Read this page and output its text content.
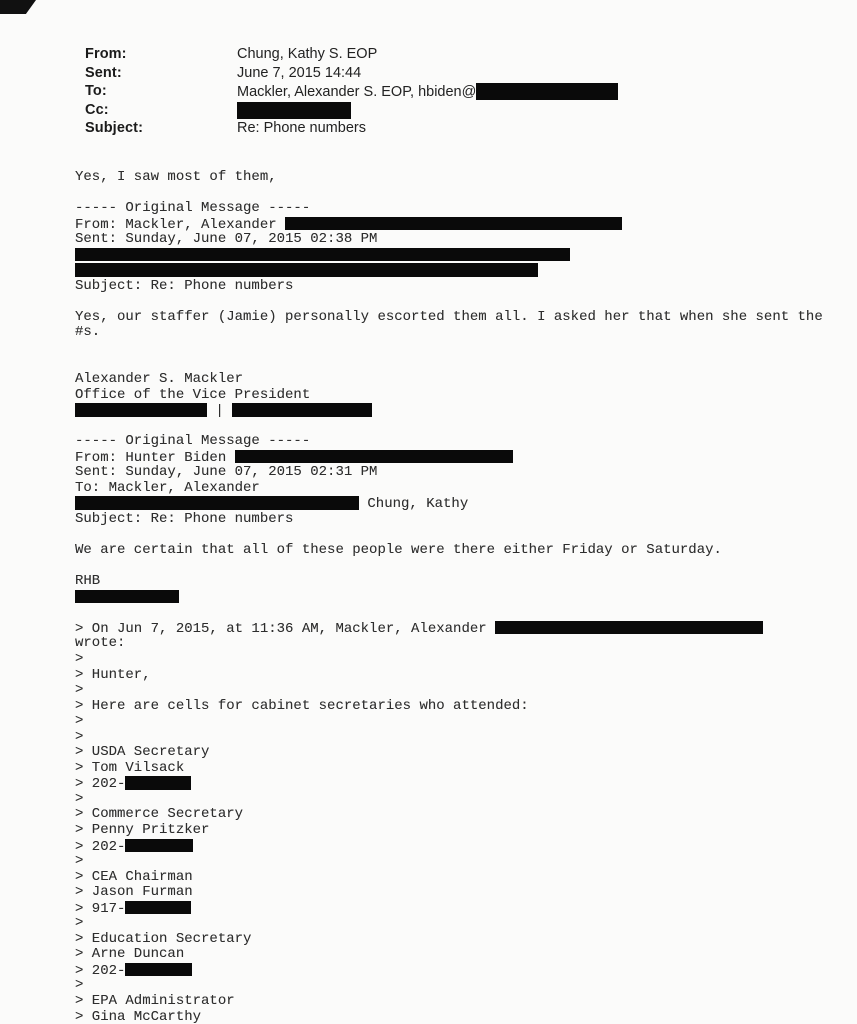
From:	Chung, Kathy S. EOP
Sent:	June 7, 2015 14:44
To:	Mackler, Alexander S. EOP, hbiden@
Cc:
Subject:	Re: Phone numbers
Yes, I saw most of them,
----- Original Message -----
From: Mackler, Alexander
Sent: Sunday, June 07, 2015 02:38 PM
Subject: Re: Phone numbers
Yes, our staffer (Jamie) personally escorted them all. I asked her that when she sent the
#s.
Alexander S. Mackler
Office of the Vice President
|
----- Original Message -----
From: Hunter Biden
Sent: Sunday, June 07, 2015 02:31 PM
To: Mackler, Alexander
Chung, Kathy
Subject: Re: Phone numbers
We are certain that all of these people were there either Friday or Saturday.
RHB
> On Jun 7, 2015, at 11:36 AM, Mackler, Alexander
wrote:
>
> Hunter,
>
> Here are cells for cabinet secretaries who attended:
>
>
> USDA Secretary
> Tom Vilsack
> 202-
>
> Commerce Secretary
> Penny Pritzker
> 202-
>
> CEA Chairman
> Jason Furman
> 917-
>
> Education Secretary
> Arne Duncan
> 202-
>
> EPA Administrator
> Gina McCarthy
